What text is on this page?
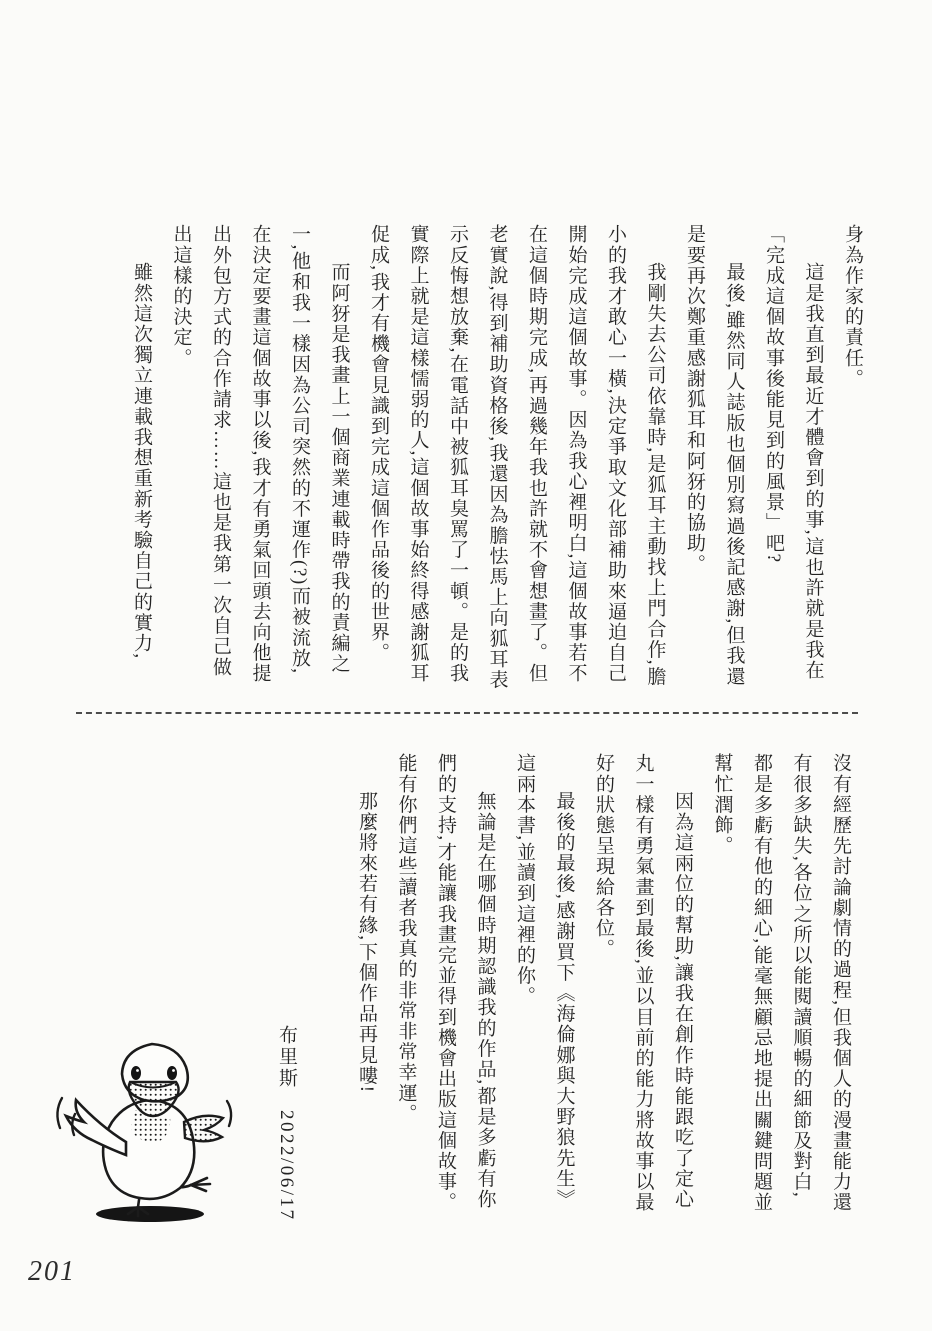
身為作家的責任。

這是我直到最近才體會到的事,這也許就是我在「完成這個故事後能見到的風景」吧?

最後,雖然同人誌版也個別寫過後記感謝,但我還是要再次鄭重感謝狐耳和阿犽的協助。

我剛失去公司依靠時,是狐耳主動找上門合作,膽小的我才敢心一橫,決定爭取文化部補助來逼迫自己開始完成這個故事。因為我心裡明白,這個故事若不在這個時期完成,再過幾年我也許就不會想畫了。但老實說,得到補助資格後,我還因為膽怯馬上向狐耳表示反悔想放棄,在電話中被狐耳臭罵了一頓。是的我實際上就是這樣懦弱的人,這個故事始終得感謝狐耳促成,我才有機會見識到完成這個作品後的世界。

而阿犽是我畫上一個商業連載時帶我的責編之一,他和我一樣因為公司突然的不運作(?)而被流放,在決定要畫這個故事以後,我才有勇氣回頭去向他提出外包方式的合作請求……這也是我第一次自己做出這樣的決定。

雖然這次獨立連載我想重新考驗自己的實力,

沒有經歷先討論劇情的過程,但我個人的漫畫能力還有很多缺失,各位之所以能閱讀順暢的細節及對白,都是多虧有他的細心,能毫無顧忌地提出關鍵問題並幫忙潤飾。

因為這兩位的幫助,讓我在創作時能跟吃了定心丸一樣有勇氣畫到最後,並以目前的能力將故事以最好的狀態呈現給各位。

最後的最後,感謝買下《海倫娜與大野狼先生》這兩本書,並讀到這裡的你。

無論是在哪個時期認識我的作品,都是多虧有你們的支持,才能讓我畫完並得到機會出版這個故事。能有你們這些讀者我真的非常非常幸運。

那麼將來若有緣,下個作品再見嘍!

布里斯2022/06/17
201
